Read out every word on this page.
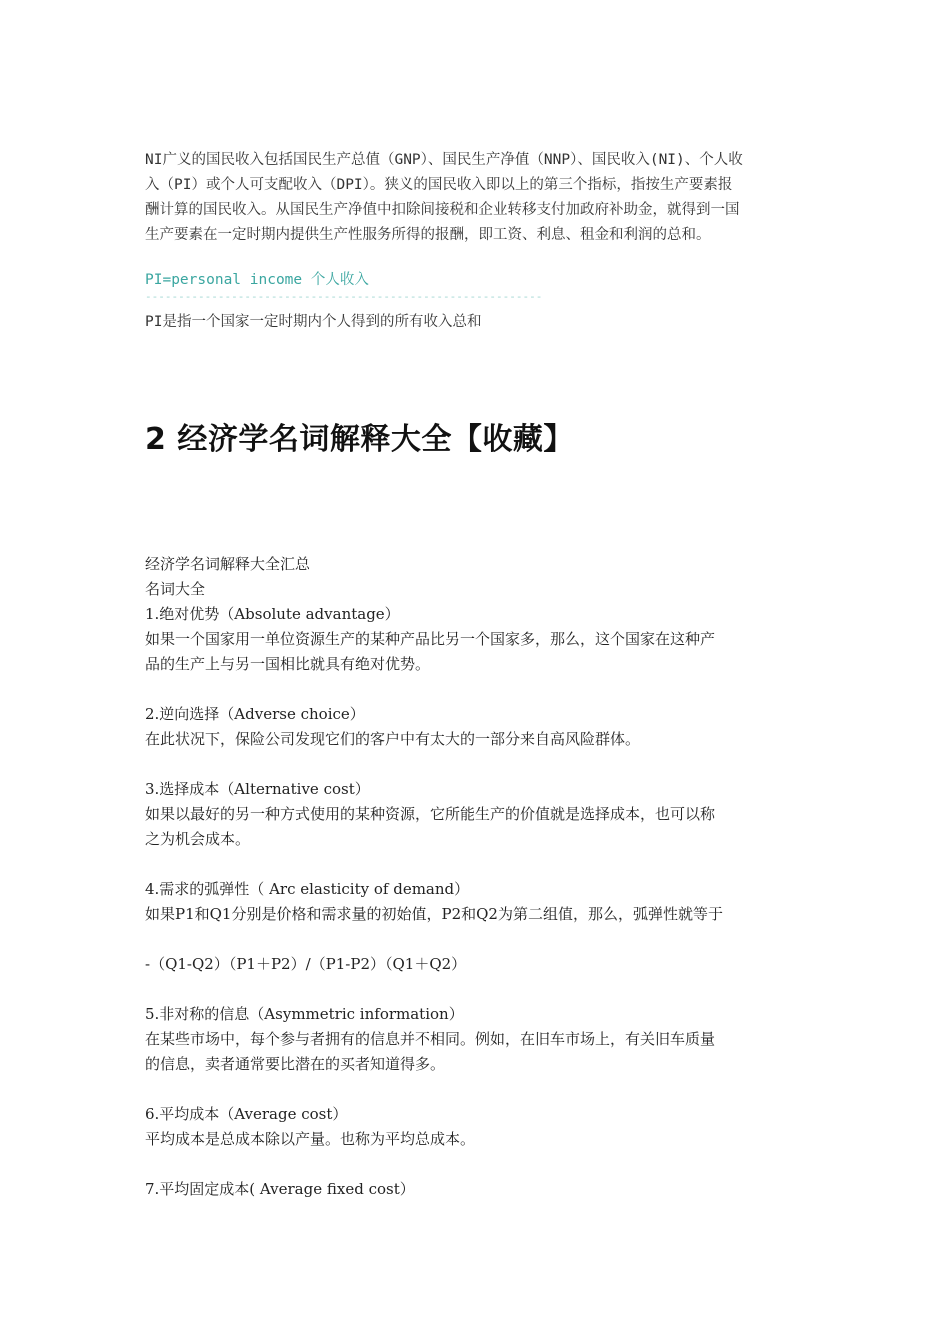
NI广义的国民收入包括国民生产总值（GNP）、国民生产净值（NNP）、国民收入(NI)、个人收

入（PI）或个人可支配收入（DPI）。狭义的国民收入即以上的第三个指标，指按生产要素报

酬计算的国民收入。从国民生产净值中扣除间接税和企业转移支付加政府补助金，就得到一国

生产要素在一定时期内提供生产性服务所得的报酬，即工资、利息、租金和利润的总和。

PI=personal income 个人收入

------------------------------------------------------------

PI是指一个国家一定时期内个人得到的所有收入总和

2 经济学名词解释大全【收藏】

经济学名词解释大全汇总

名词大全

1.绝对优势（Absolute advantage）

如果一个国家用一单位资源生产的某种产品比另一个国家多，那么，这个国家在这种产

品的生产上与另一国相比就具有绝对优势。

2.逆向选择（Adverse choice）

在此状况下，保险公司发现它们的客户中有太大的一部分来自高风险群体。

3.选择成本（Alternative cost）

如果以最好的另一种方式使用的某种资源，它所能生产的价值就是选择成本，也可以称

之为机会成本。

4.需求的弧弹性（ Arc elasticity of demand）

如果P1和Q1分别是价格和需求量的初始值，P2和Q2为第二组值，那么，弧弹性就等于

-（Q1-Q2）（P1＋P2）/（P1-P2）（Q1＋Q2）

5.非对称的信息（Asymmetric information）

在某些市场中，每个参与者拥有的信息并不相同。例如，在旧车市场上，有关旧车质量

的信息，卖者通常要比潜在的买者知道得多。

6.平均成本（Average cost）

平均成本是总成本除以产量。也称为平均总成本。

7.平均固定成本( Average fixed cost）
